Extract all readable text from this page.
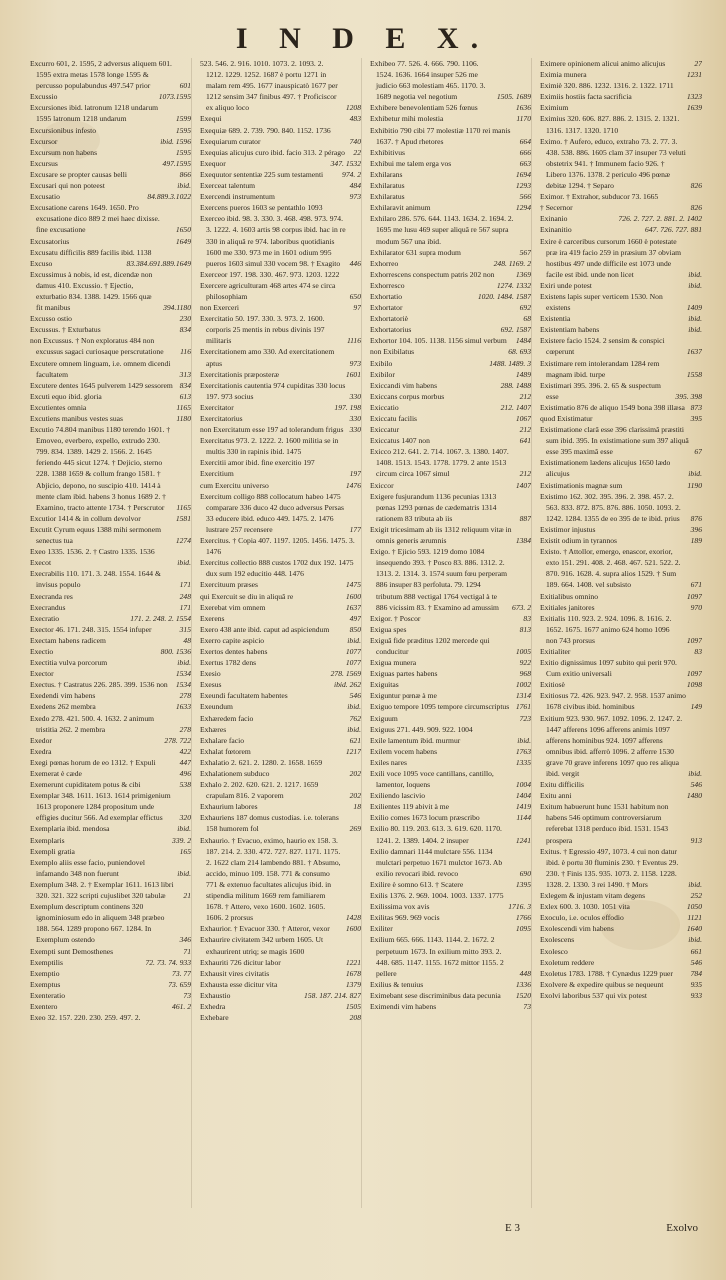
I N D E X.
Excurro 601, 2. 1595, 2 adversus aliquem 601. 1595 extra metas 1578 longe 1595 & percusso populabundus 497.547 prior	601
Excussio	1073.1595
Excursiones ibid. latronum 1218 undarum 1595 latronum 1218 undarum	1599
Excursionibus infesto	1595
Excursor	ibid. 1596
Excursum non habens	1595
Excursus	497.1595
Excusare se propter causas belli	866
Excusari qui non poteest	ibid.
Excusatio	84.889.3.1022
Excusatione carens 1649. 1650. Pro excusatione dico 889 2 mei haec dixisse. fine excusatione	1650
Excusatorius	1649
Excusatu difficilis 889 facilis ibid. 1138
Excuso	83.384.691.889.1649
Excussimus à nobis, id est, dicendæ non damus 410. Excussio. † Ejectio, exturbatio 834. 1388. 1429. 1566 quæ fit manibus	394.1180
Excusso ostio	230
Excussus. † Exturbatus	834
non Excussus. † Non exploratus 484 non excussus sagaci curiosaque perscrutatione	116
Excutere omnem linguam, i.e. omnem dicendi facultatem	313
Excutere dentes 1645 pulverem 1429 sessorem 834
Excuti equo ibid. gloria	613
Excutientes omnia	1165
Excutiens manibus vestes suas	1180
Excutio 74.804 manibus 1180 terendo 1601. † Emoveo, everbero, expello, extrudo 230. 799. 834. 1389. 1429 2. 1566. 2. 1645 feriendo 445 sicut 1274. † Dejicio, sterno 228. 1388 1659 & collum frango 1581. † Abjicio, depono, no suscipio 410. 1414 à mente clam ibid. habens 3 honus 1689 2. † Examino, tracto attente 1734. † Perscrutor	1165
Excutior 1414 & in collum devolvor	1581
Excutit Cyrum equus 1388 mihi sermonem senectus tua	1274
Exeo 1335. 1536. 2. † Castro 1335. 1536
Execot	ibid.
Execrabilis 110. 171. 3. 248. 1554. 1644 & invisus populo	171
Execranda res	248
Execrandus	171
Execratio	171. 2. 248. 2. 1554
Exector 46. 171. 248. 315. 1554 infuper	315
Exectam habens radicem	48
Exectio	800. 1536
Exectitia vulva porcorum	ibid.
Exector	1534
Exectus. † Castratus 226. 285. 399. 1536 non	1534
Exedendi vim habens	278
Exedens 262 membra	1633
Exedo 278. 421. 500. 4. 1632. 2 animum tristitia 262. 2 membra	278
Exedor	278. 722
Exedra	422
Exegi pœnas horum de eo 1312. † Expuli	447
Exemerat è cæde	496
Exemerunt cupiditatem potus & cibi	538
Exemplar 348. 1611. 1613. 1614 primigenium 1613 proponere 1284 propositum unde effigies ducitur 566. Ad exemplar effictus	320
Exemplaria ibid. mendosa	ibid.
Exemplaris	339. 2
Exempli gratia	165
Exemplo aliis esse facio, puniendovel infamando 348 non fuerunt	ibid.
Exemplum 348. 2. † Exemplar 1611. 1613 libri 320. 321. 322 scripti cujuslibet 320 tabulæ	21
Exemplum descriptum continens 320 ignominiosum edo in aliquem 348 præbeo 188. 564. 1289 propono 667. 1284. In Exemplum ostendo	346
Exempti sunt Demosthenes	71
Exemptilis	72. 73. 74. 933
Exemptio	73. 77
Exemptus	73. 659
Exenteratio	73
Exentero	461. 2
Exeo 32. 157. 220. 230. 259. 497. 2.
523. 546. 2. 916. 1010. 1073. 2. 1093. 2. 1212. 1229. 1252. 1687 è portu 1271 in malam rem 495. 1677 inauspicatò 1677 per 1212 sensim 347 finibus 497. † Proficiscor ex aliquo loco	1208
Exequi	483
Exequiæ 689. 2. 739. 790. 840. 1152. 1736
Exequiarum curator	740
Exequias alicujus curo ibid. facio 313. 2 pérago	22
Exequor	347. 1532
Exequutor sententiæ 225 sum testamenti	974. 2
Exerceat talentum	484
Exercendi instrumentum	973
Exercens pueros 1603 se pentathlo 1093
Exerceo ibid. 98. 3. 330. 3. 468. 498. 973. 974. 3. 1222. 4. 1603 artis 98 corpus ibid. hac in re 330 in aliquâ re 974. laboribus quotidianis 1600 me 330. 973 me in 1601 odium 995 pueros 1603 simul 330 vocem 98. † Exagito	446
Exerceor 197. 198. 330. 467. 973. 1203. 1222
Exercere agriculturam 468 artes 474 se circa philosophiam	650
non Exerceri	97
Exercitatio 50. 197. 330. 3. 973. 2. 1600. corporis 25 mentis in rebus divinis 197 militaris	1116
Exercitationem amo 330. Ad exercitationem aptus	973
Exercitationis præposteræ	1601
Exercitationis cautentia 974 cupiditas 330 locus 197. 973 socius	330
Exercitator	197. 198
Exercitatorius	330
non Exercitatum esse 197 ad tolerandum frigus 330
Exercitatus 973. 2. 1222. 2. 1600 militia se in multis 330 in rapinis ibid. 1475
Exercitii amor ibid. fine exercitio 197
Exercitium	197
cum Exercitu universo	1476
Exercitum colligo 888 collocatum habeo 1475 comparare 336 duco 42 duco adversus Persas 33 educere ibid. educo 449. 1475. 2. 1476 lustrare 257 recensere	177
Exercitus. † Copia 407. 1197. 1205. 1456. 1475. 3. 1476
Exercitus collectio 888 custos 1702 dux 192. 1475 dux sum 192 educitio 448. 1476
Exercituum præses	1475
qui Exercuit se diu in aliquâ re	1600
Exerebat vim omnem	1637
Exerens	497
Exero 438 ante ibid. caput ad aspiciendum	850
Exerro capite aspicio	ibid.
Exertos dentes habens	1077
Exertus 1782 dens	1077
Exesio	278. 1569
Exesus	ibid. 262
Exeundi facultatem habentes	546
Exeundum	ibid.
Exhæredem facio	762
Exhæres	ibid.
Exhalare facio	621
Exhalat fœtorem	1217
Exhalatio 2. 621. 2. 1280. 2. 1658. 1659
Exhalationem subduco	202
Exhalo 2. 202. 620. 621. 2. 1217. 1659 crapulam 816. 2 vaporem	202
Exhaurium labores	18
Exhauriens 187 domus custodias. i.e. tolerans 158 humorem fol	269
Exhaurio. † Evacuo, eximo, haurio ex 158. 3. 187. 214. 2. 330. 472. 727. 827. 1171. 1175. 2. 1622 clam 214 lambendo 881. † Absumo, accido, minuo 109. 158. 771 & consumo 771 & extenuo facultates alicujus ibid. in stipendia militum 1669 rem familiarem 1678. † Attero, vexo 1600. 1602. 1605. 1606. 2 prorsus	1428
Exhaurior. † Evacuor 330. † Atteror, vexor	1600
Exhaurire civitatem 342 urbem 1605. Ut exhaurirent utriq; se magis 1600
Exhauriti 726 dicitur labor	1221
Exhausit vires civitatis	1678
Exhausta esse dicitur vita	1379
Exhaustio	158. 187. 214. 827
Exhedra	1505
Exhebare	208
Exhibeo 77. 526. 4. 666. 790. 1106. 1524. 1636. 1664 insuper 526 me judicio 663 molestiam 465. 1170. 3. 1689 negotia vel negotium	1505. 1689
Exhibere benevolentiam 526 fœnus	1636
Exhibetur mihi molestia	1170
Exhibitio 790 cibi 77 molestiæ 1170 rei manis 1637. † Apud rhetores	664
Exhibitivus	666
Exhibui me talem erga vos	663
Exhilarans	1694
Exhilaratus	1293
Exhilaratus	566
Exhilaravit animum	1294
Exhilaro 286. 576. 644. 1143. 1634. 2. 1694. 2. 1695 me lusu 469 super aliquâ re 567 supra modum 567 una ibid.
Exhilarator 631 supra modum	567
Exhorreo	248. 1169. 2
Exhorrescens conspectum patris 202 non	1369
Exhorresco	1274. 1332
Exhortatio	1020. 1484. 1587
Exhortator	692
Exhortatoriè	68
Exhortatorius	692. 1587
Exhortor 104. 105. 1138. 1156 simul verbum	1484
non Exibilatus	68. 693
Exibilo	1488. 1489. 3
Exibilor	1489
Exiccandi vim habens	288. 1488
Exiccans corpus morbus	212
Exiccatio	212. 1407
Exiccatu facilis	1067
Exiccatur	212
Exiccatus 1407 non	641
Exicco 212. 641. 2. 714. 1067. 3. 1380. 1407. 1408. 1513. 1543. 1778. 1779. 2 ante 1513 circum circa 1067 simul	212
Exiccor	1407
Exigere fusjurandum 1136 pecunias 1313 pœnas 1293 pœnas de cædematris 1314 rationem 83 tributa ab iis	887
Exigit tricesimam ab iis 1312 reliquum vitæ in omnis generis ærumnis	1384
Exigo. † Ejicio 593. 1219 domo 1084 insequendo 393. † Posco 83. 886. 1312. 2. 1313. 2. 1314. 3. 1574 suum fœu perperam 886 insuper 83 perfoluta. 79. 1294 tributum 888 vectigal 1764 vectigal à te 886 vicissim 83. † Examino ad amussim	673. 2
Exigor. † Poscor	83
Exigua spes	813
Exiguâ fide præditus 1202 mercede qui conducitur	1005
Exigua munera	922
Exiguas partes habens	968
Exiguitas	1002
Exiguntur pœnæ à me	1314
Exiguo tempore 1095 tempore circumscriptus 1761
Exiguum	723
Exiguus 271. 449. 909. 922. 1004
Exile lamentum ibid. murmur	ibid.
Exilem vocem habens	1763
Exiles nares	1335
Exili voce 1095 voce cantillans, cantillo, lamentor, loquens	1004
Exiliendo lascivio	1404
Exilientes 119 abivit à me	1419
Exilio comes 1673 locum præscribo	1144
Exilio 80. 119. 203. 613. 3. 619. 620. 1170. 1241. 2. 1389. 1404. 2 insuper	1241
Exilio damnari 1144 mulctare 556. 1134 mulctari perpetuo 1671 mulctor 1673. Ab exilio revocari ibid. revoco	690
Exilire è somno 613. † Scatere	1395
Exilis 1376. 2. 969. 1004. 1003. 1337. 1775
Exilissima vox avis	1716. 3
Exilitas 969. 969 vocis	1766
Exiliter	1095
Exilium 665. 666. 1143. 1144. 2. 1672. 2 perpetuum 1673. In exilium mitto 393. 2. 448. 685. 1147. 1155. 1672 mittor 1155. 2 pellere	448
Exilius & tenuius	1336
Eximebant sese discriminibus data pecunia	1520
Eximendi vim habens	73
Eximere opinionem alicui animo alicujus	27
Eximia munera	1231
Eximiè 320. 886. 1232. 1316. 2. 1322. 1711
Eximiis hostiis facta sacrificia	1323
Eximium	1639
Eximius 320. 606. 827. 886. 2. 1315. 2. 1321. 1316. 1317. 1320. 1710
Eximo. † Aufero, educo, extraho 73. 2. 77. 3. 438. 538. 886. 1605 clam 37 insuper 73 veluti obstetrix 941. † Immunem facio 926. † Libero 1376. 1378. 2 periculo 496 pœnæ debitæ 1294. † Separo	826
Eximor. † Extrahor, subducor 73. 1665
† Secernor	826
Exinanio	726. 2. 727. 2. 881. 2. 1402
Exinanitio	647. 726. 727. 881
Exire è carceribus cursorum 1660 è potestate præ ira 419 facio 259 in præsium 37 obviam hostibus 497 unde difficile est 1073 unde facile est ibid. unde non licet	ibid.
Exiri unde potest	ibid.
Existens lapis super verticem 1530. Non existens	1409
Existentia	ibid.
Existentiam habens	ibid.
Existere facio 1524. 2 sensim & conspici cœperunt	1637
Existimare rem intolerandam 1284 rem magnam ibid. turpe	1558
Existimari 395. 396. 2. 65 & suspectum esse	395. 398
Existimatio 876 de aliquo 1549 bona 398 illæsa 873
quod Existimatur	395
Existimatione clarâ esse 396 clarissimâ præstiti sum ibid. 395. In existimatione sum 397 aliquâ esse 395 maximâ esse	67
Existimationem lædens alicujus 1650 lædo alicujus	ibid.
Existimationis magnæ sum	1190
Existimo 162. 302. 395. 396. 2. 398. 457. 2. 563. 833. 872. 875. 876. 886. 1050. 1093. 2. 1242. 1284. 1355 de eo 395 de te ibid. prius	876
Existimor injustus	396
Existit odium in tyrannos	189
Existo. † Attollor, emergo, enascor, exorior, exto 151. 291. 408. 2. 468. 467. 521. 522. 2. 870. 916. 1628. 4. supra alios 1529. † Sum 189. 664. 1408. vel subsisto	671
Exitialibus omnino	1097
Exitiales janitores	970
Exitialis 110. 923. 2. 924. 1096. 8. 1616. 2. 1652. 1675. 1677 animo 624 homo 1096 non 743 prorsus	1097
Exitialiter	83
Exitio dignissimus 1097 subito qui perit 970. Cum exitio universali	1097
Exitiosè	1098
Exitiosus 72. 426. 923. 947. 2. 958. 1537 animo 1678 civibus ibid. hominibus	149
Exitium 923. 930. 967. 1092. 1096. 2. 1247. 2. 1447 afferens 1096 afferens animis 1097 afferens hominibus 924. 1097 afferens omnibus ibid. afferrò 1096. 2 afferre 1530 grave 70 grave inferens 1097 quo res aliqua ibid. vergit	ibid.
Exitu difficilis	546
Exitu anni	1480
Exitum habuerunt hunc 1531 habitum non habens 546 optimum controversiarum referebat 1318 perduco ibid. 1531. 1543 prospera	913
Exitus. † Egressio 497, 1073. 4 cui non datur ibid. è portu 30 fluminis 230. † Eventus 29. 230. † Finis 135. 935. 1073. 2. 1158. 1228. 1328. 2. 1330. 3 rei 1490. † Mors	ibid.
Exlegem & injustam vitam degens	252
Exlex 600. 3. 1030. 1051 vita	1050
Exoculo, i.e. oculos effodio	1121
Exolescendi vim habens	1640
Exolescens	ibid.
Exolesco	661
Exoletum reddere	546
Exoletus 1783. 1788. † Cynædus 1229 puer	784
Exolvere & expedire quibus se nequeunt	935
Exolvi laboribus 537 qui vix potest	933
E 3	Exolvo
